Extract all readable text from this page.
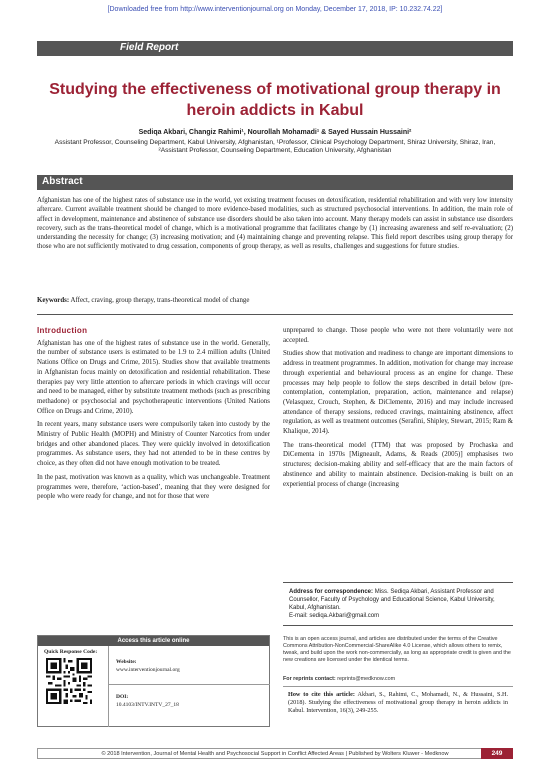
[Downloaded free from http://www.interventionjournal.org on Monday, December 17, 2018, IP: 10.232.74.22]
Field Report
Studying the effectiveness of motivational group therapy in heroin addicts in Kabul
Sediqa Akbari, Changiz Rahimi¹, Nourollah Mohamadi¹ & Sayed Hussain Hussaini²
Assistant Professor, Counseling Department, Kabul University, Afghanistan, ¹Professor, Clinical Psychology Department, Shiraz University, Shiraz, Iran,
²Assistant Professor, Counseling Department, Education University, Afghanistan
Abstract

Afghanistan has one of the highest rates of substance use in the world, yet existing treatment focuses on detoxification, residential rehabilitation and with very low intensity aftercare. Current available treatment should be changed to more evidence-based modalities, such as structured psychosocial interventions. In addition, the main role of affect in development, maintenance and abstinence of substance use disorders should be also taken into account. Many therapy models can assist in substance use disorders recovery, such as the trans-theoretical model of change, which is a motivational programme that facilitates change by (1) increasing awareness and self re-evaluation; (2) understanding the necessity for change; (3) increasing motivation; and (4) maintaining change and preventing relapse. This field report describes using group therapy for those who are not sufficiently motivated to drug cessation, components of group therapy, as well as results, challenges and suggestions for future studies.

Keywords: Affect, craving, group therapy, trans-theoretical model of change
Introduction

Afghanistan has one of the highest rates of substance use in the world. Generally, the number of substance users is estimated to be 1.9 to 2.4 million adults (United Nations Office on Drugs and Crime, 2015). Studies show that available treatments in Afghanistan focus mainly on detoxification and residential rehabilitation. These therapies pay very little attention to aftercare periods in which cravings will occur and need to be managed, either by substitute treatment methods (such as prescribing methadone) or psychosocial and psychotherapeutic interventions (United Nations Office on Drugs and Crime, 2010).

In recent years, many substance users were compulsorily taken into custody by the Ministry of Public Health (MOPH) and Ministry of Counter Narcotics from under bridges and other abandoned places. They were quickly involved in detoxification programmes. As substance users, they had not attended to be in these centres by choice, as they often did not have enough motivation to be treated.

In the past, motivation was known as a quality, which was unchangeable. Treatment programmes were, therefore, ‘action-based’, meaning that they were designed for people who were ready for change, and not for those that were

unprepared to change. Those people who were not there voluntarily were not accepted.

Studies show that motivation and readiness to change are important dimensions to address in treatment programmes. In addition, motivation for change may increase through experiential and behavioural process as an engine for change. These processes may help people to follow the steps described in detail below (pre-contemplation, contemplation, preparation, action, maintenance and relapse) (Velasquez, Crouch, Stephen, & DiClemente, 2016) and may include increased attendance of therapy sessions, reduced cravings, maintaining abstinence, affect regulation, as well as treatment outcomes (Serafini, Shipley, Stewart, 2015; Ram & Khalique, 2014).

The trans-theoretical model (TTM) that was proposed by Prochaska and DiCementa in 1970s [Migneault, Adams, & Reads (2005)] emphasises two structures; decision-making ability and self-efficacy that are the main factors of abstinence and ability to maintain abstinence. Decision-making is built on an experiential process of change (increasing

Address for correspondence: Miss. Sediqa Akbari, Assistant Professor and Counsellor, Faculty of Psychology and Educational Science, Kabul University, Kabul, Afghanistan.
E-mail: sediqa.Akbari@gmail.com
Access this article online
Quick Response Code:
Website:
www.interventionjournal.org
DOI:
10.4103/INTV.INTV_27_18

This is an open access journal, and articles are distributed under the terms of the Creative Commons Attribution-NonCommercial-ShareAlike 4.0 License, which allows others to remix, tweak, and build upon the work non-commercially, as long as appropriate credit is given and the new creations are licensed under the identical terms.

For reprints contact: reprints@medknow.com
How to cite this article: Akbari, S., Rahimi, C., Mohamadi, N., & Hussaini, S.H. (2018). Studying the effectiveness of motivational group therapy in heroin addicts in Kabul. Intervention, 16(3), 249-255.
© 2018 Intervention, Journal of Mental Health and Psychosocial Support in Conflict Affected Areas | Published by Wolters Kluwer - Medknow	249
